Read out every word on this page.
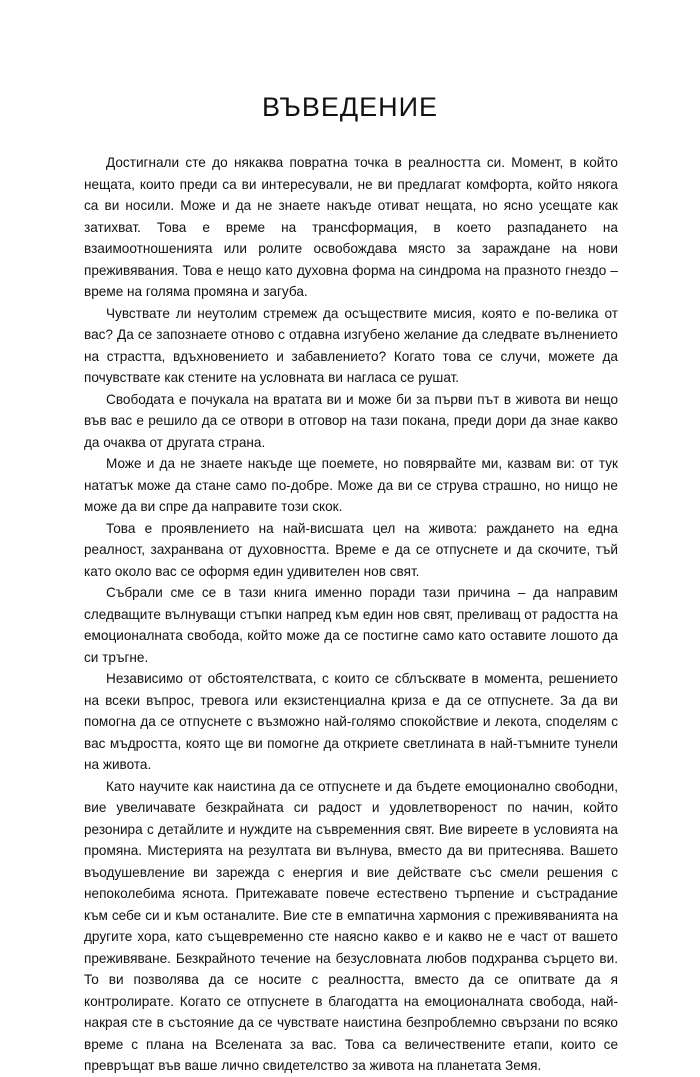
ВЪВЕДЕНИЕ

Достигнали сте до някаква повратна точка в реалността си. Момент, в който нещата, които преди са ви интересували, не ви предлагат комфорта, който някога са ви носили. Може и да не знаете накъде отиват нещата, но ясно усещате как затихват. Това е време на трансформация, в което разпадането на взаимоотношенията или ролите освобождава място за зараждане на нови преживявания. Това е нещо като духовна форма на синдрома на празното гнездо – време на голяма промяна и загуба.

Чувствате ли неутолим стремеж да осъществите мисия, която е по-велика от вас? Да се запознаете отново с отдавна изгубено желание да следвате вълнението на страстта, вдъхновението и забавлението? Когато това се случи, можете да почувствате как стените на условната ви нагласа се рушат.

Свободата е почукала на вратата ви и може би за първи път в живота ви нещо във вас е решило да се отвори в отговор на тази покана, преди дори да знае какво да очаква от другата страна.

Може и да не знаете накъде ще поемете, но повярвайте ми, казвам ви: от тук нататък може да стане само по-добре. Може да ви се струва страшно, но нищо не може да ви спре да направите този скок.

Това е проявлението на най-висшата цел на живота: раждането на една реалност, захранвана от духовността. Време е да се отпуснете и да скочите, тъй като около вас се оформя един удивителен нов свят.

Събрали сме се в тази книга именно поради тази причина – да направим следващите вълнуващи стъпки напред към един нов свят, преливащ от радостта на емоционалната свобода, който може да се постигне само като оставите лошото да си тръгне.

Независимо от обстоятелствата, с които се сблъсквате в момента, решението на всеки въпрос, тревога или екзистенциална криза е да се отпуснете. За да ви помогна да се отпуснете с възможно най-голямо спокойствие и лекота, споделям с вас мъдростта, която ще ви помогне да откриете светлината в най-тъмните тунели на живота.

Като научите как наистина да се отпуснете и да бъдете емоционално свободни, вие увеличавате безкрайната си радост и удовлетвореност по начин, който резонира с детайлите и нуждите на съвременния свят. Вие виреете в условията на промяна. Мистерията на резултата ви вълнува, вместо да ви притеснява. Вашето въодушевление ви зарежда с енергия и вие действате със смели решения с непоколебима яснота. Притежавате повече естествено търпение и състрадание към себе си и към останалите. Вие сте в емпатична хармония с преживяванията на другите хора, като същевременно сте наясно какво е и какво не е част от вашето преживяване. Безкрайното течение на безусловната любов подхранва сърцето ви. То ви позволява да се носите с реалността, вместо да се опитвате да я контролирате. Когато се отпуснете в благодатта на емоционалната свобода, най-накрая сте в състояние да се чувствате наистина безпроблемно свързани по всяко време с плана на Вселената за вас. Това са величествените етапи, които се превръщат във ваше лично свидетелство за живота на планетата Земя.
